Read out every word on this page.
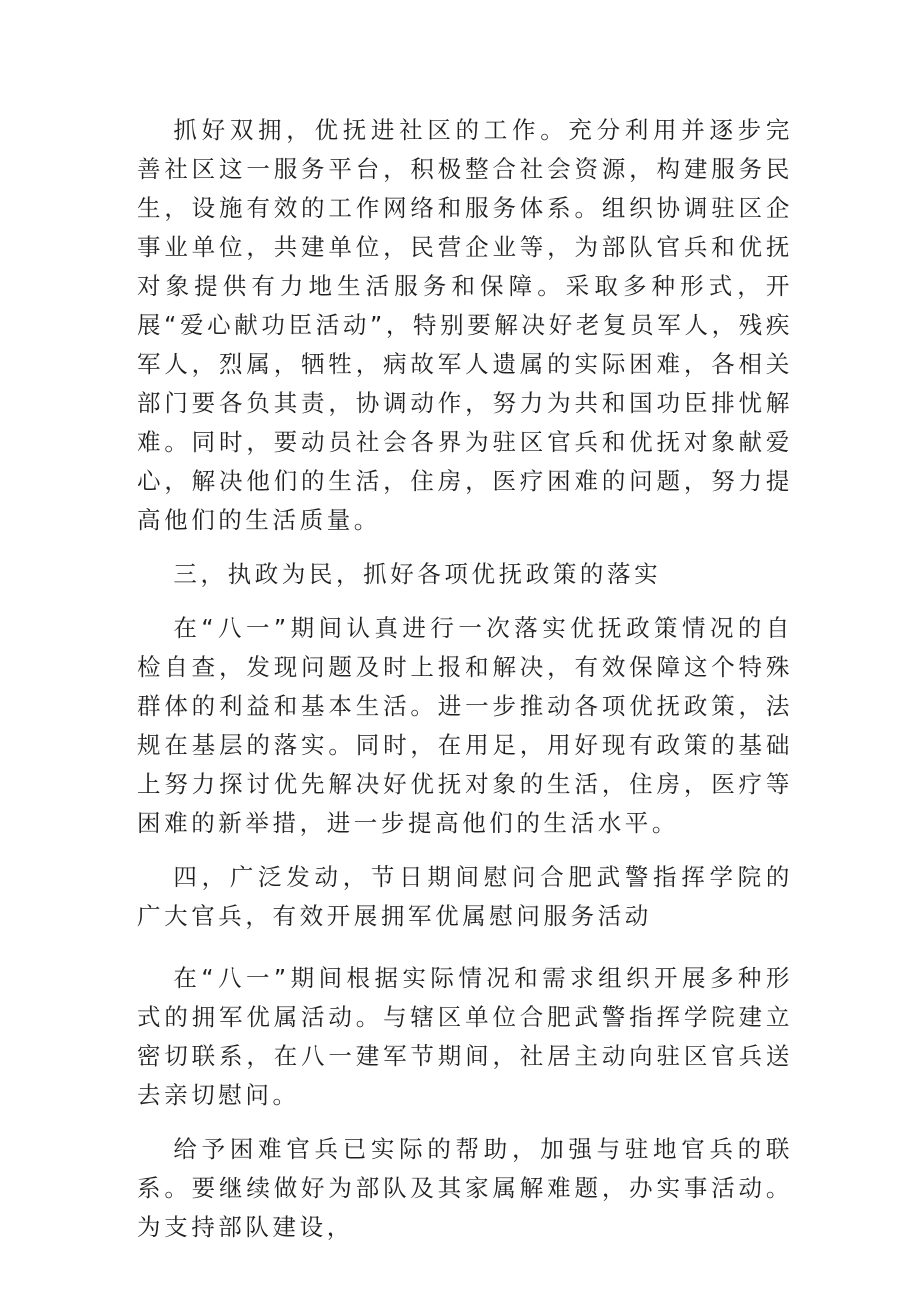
抓好双拥，优抚进社区的工作。充分利用并逐步完善社区这一服务平台，积极整合社会资源，构建服务民生，设施有效的工作网络和服务体系。组织协调驻区企事业单位，共建单位，民营企业等，为部队官兵和优抚对象提供有力地生活服务和保障。采取多种形式，开展“爱心献功臣活动”，特别要解决好老复员军人，残疾军人，烈属，牺牲，病故军人遗属的实际困难，各相关部门要各负其责，协调动作，努力为共和国功臣排忧解难。同时，要动员社会各界为驻区官兵和优抚对象献爱心，解决他们的生活，住房，医疗困难的问题，努力提高他们的生活质量。

三，执政为民，抓好各项优抚政策的落实

在“八一”期间认真进行一次落实优抚政策情况的自检自查，发现问题及时上报和解决，有效保障这个特殊群体的利益和基本生活。进一步推动各项优抚政策，法规在基层的落实。同时，在用足，用好现有政策的基础上努力探讨优先解决好优抚对象的生活，住房，医疗等困难的新举措，进一步提高他们的生活水平。

四，广泛发动，节日期间慰问合肥武警指挥学院的广大官兵，有效开展拥军优属慰问服务活动

在“八一”期间根据实际情况和需求组织开展多种形式的拥军优属活动。与辖区单位合肥武警指挥学院建立密切联系，在八一建军节期间，社居主动向驻区官兵送去亲切慰问。

给予困难官兵已实际的帮助，加强与驻地官兵的联系。要继续做好为部队及其家属解难题，办实事活动。为支持部队建设，
